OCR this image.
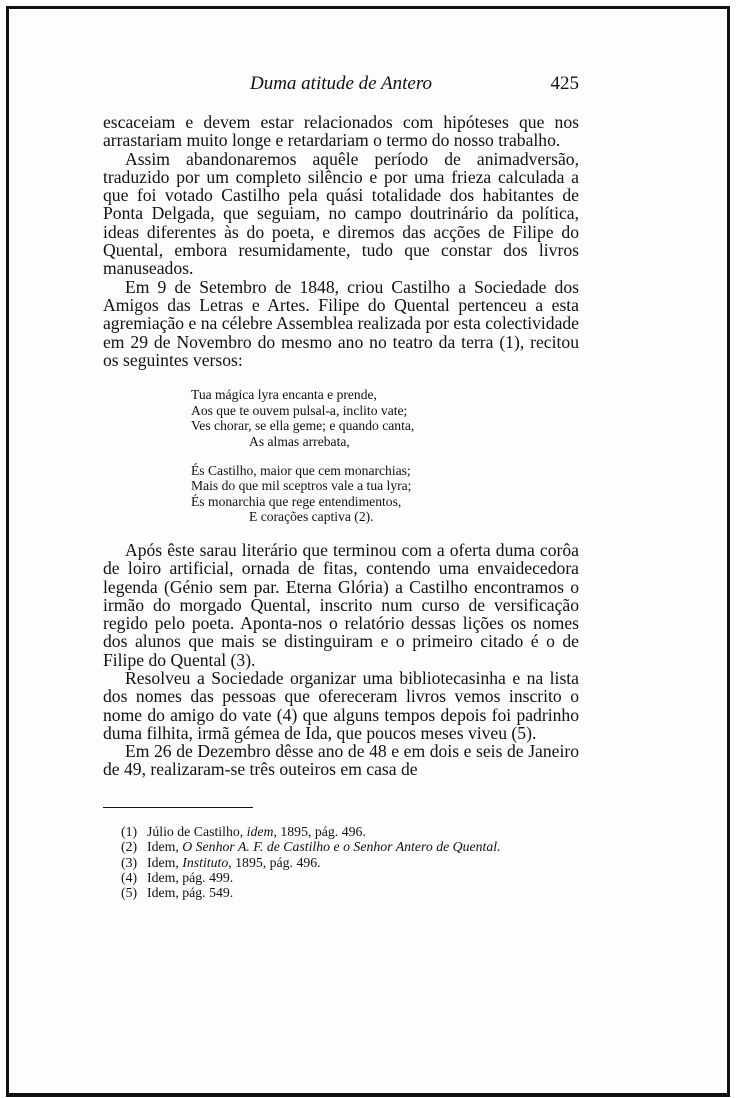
Duma atitude de Antero	425

escaceiam e devem estar relacionados com hipóteses que nos arrastariam muito longe e retardariam o termo do nosso trabalho.

Assim abandonaremos aquêle período de animadversão, traduzido por um completo silêncio e por uma frieza calculada a que foi votado Castilho pela quási totalidade dos habitantes de Ponta Delgada, que seguiam, no campo doutrinário da política, ideas diferentes às do poeta, e diremos das acções de Filipe do Quental, embora resumidamente, tudo que constar dos livros manuseados.

Em 9 de Setembro de 1848, criou Castilho a Sociedade dos Amigos das Letras e Artes. Filipe do Quental pertenceu a esta agremiação e na célebre Assemblea realizada por esta colectividade em 29 de Novembro do mesmo ano no teatro da terra (1), recitou os seguintes versos:

Tua mágica lyra encanta e prende,
Aos que te ouvem pulsal-a, inclito vate;
Ves chorar, se ella geme; e quando canta,
As almas arrebata,
És Castilho, maior que cem monarchias;
Mais do que mil sceptros vale a tua lyra;
És monarchia que rege entendimentos,
E corações captiva (2).

Após êste sarau literário que terminou com a oferta duma corôa de loiro artificial, ornada de fitas, contendo uma envaidecedora legenda (Génio sem par. Eterna Glória) a Castilho encontramos o irmão do morgado Quental, inscrito num curso de versificação regido pelo poeta. Aponta-nos o relatório dessas lições os nomes dos alunos que mais se distinguiram e o primeiro citado é o de Filipe do Quental (3).

Resolveu a Sociedade organizar uma bibliotecasinha e na lista dos nomes das pessoas que ofereceram livros vemos inscrito o nome do amigo do vate (4) que alguns tempos depois foi padrinho duma filhita, irmã gémea de Ida, que poucos meses viveu (5).

Em 26 de Dezembro dêsse ano de 48 e em dois e seis de Janeiro de 49, realizaram-se três outeiros em casa de

(1) Júlio de Castilho, idem, 1895, pág. 496.
(2) Idem, O Senhor A. F. de Castilho e o Senhor Antero de Quental.
(3) Idem, Instituto, 1895, pág. 496.
(4) Idem, pág. 499.
(5) Idem, pág. 549.
